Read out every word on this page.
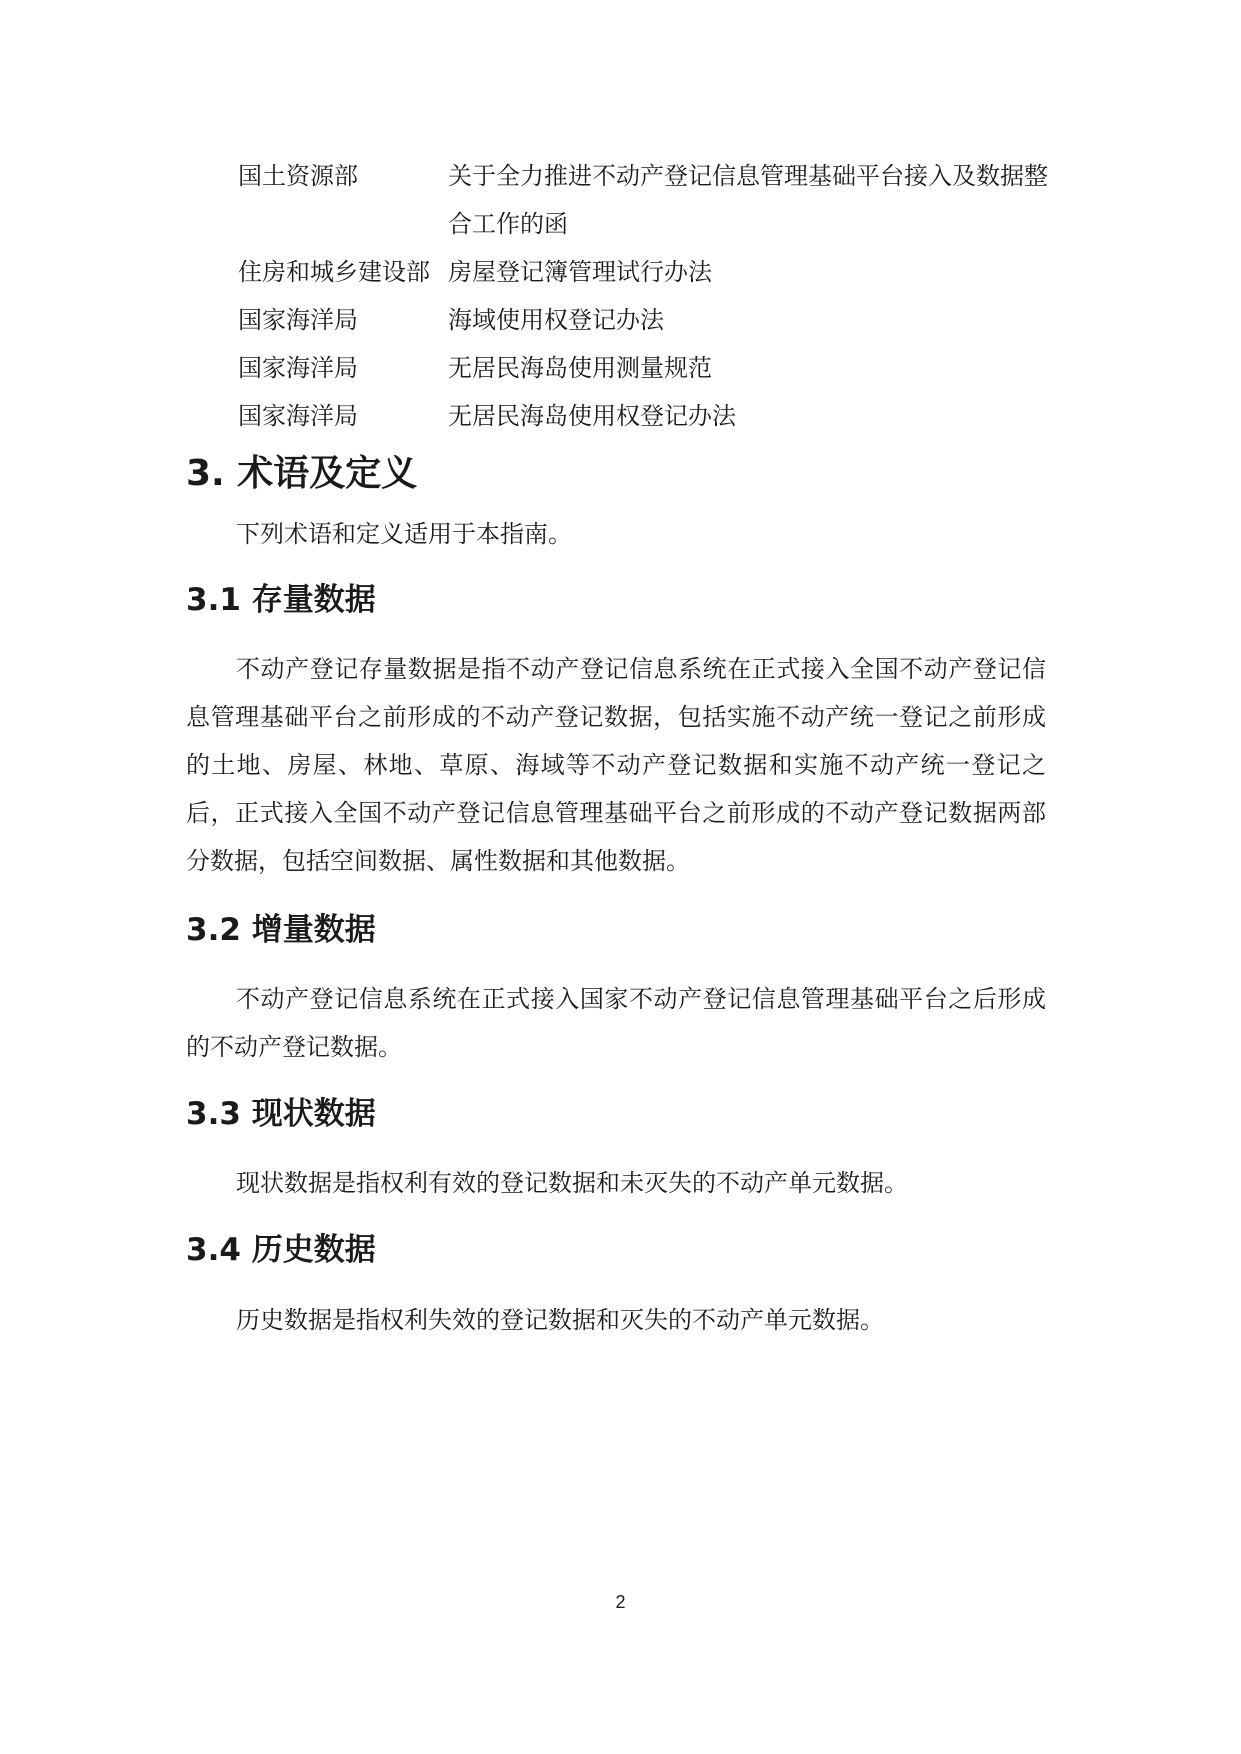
国土资源部	关于全力推进不动产登记信息管理基础平台接入及数据整合工作的函
住房和城乡建设部 房屋登记簿管理试行办法
国家海洋局	海域使用权登记办法
国家海洋局	无居民海岛使用测量规范
国家海洋局	无居民海岛使用权登记办法
3. 术语及定义

下列术语和定义适用于本指南。

3.1 存量数据

不动产登记存量数据是指不动产登记信息系统在正式接入全国不动产登记信息管理基础平台之前形成的不动产登记数据，包括实施不动产统一登记之前形成的土地、房屋、林地、草原、海域等不动产登记数据和实施不动产统一登记之后，正式接入全国不动产登记信息管理基础平台之前形成的不动产登记数据两部分数据，包括空间数据、属性数据和其他数据。

3.2 增量数据

不动产登记信息系统在正式接入国家不动产登记信息管理基础平台之后形成的不动产登记数据。

3.3 现状数据

现状数据是指权利有效的登记数据和未灭失的不动产单元数据。

3.4 历史数据

历史数据是指权利失效的登记数据和灭失的不动产单元数据。

2
